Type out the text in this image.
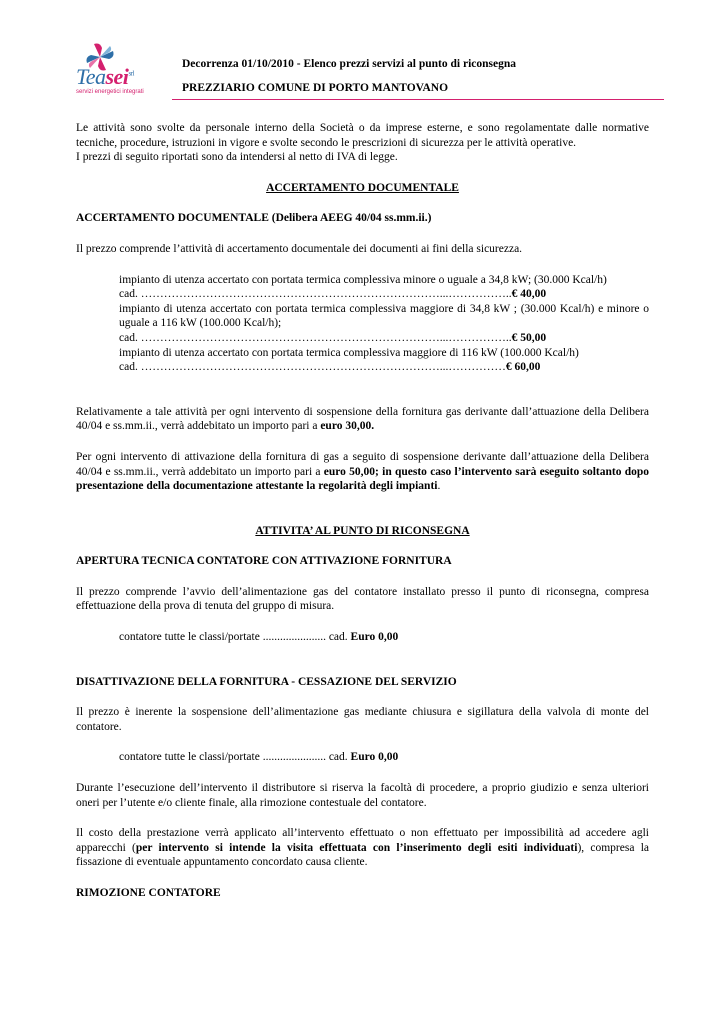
Teasei$^{srl}$
servizi energetici integrati
Decorrenza 01/10/2010 - Elenco prezzi servizi al punto di riconsegna
PREZZIARIO COMUNE DI PORTO MANTOVANO

Le attività sono svolte da personale interno della Società o da imprese esterne, e sono regolamentate dalle normative tecniche, procedure, istruzioni in vigore e svolte secondo le prescrizioni di sicurezza per le attività operative.

I prezzi di seguito riportati sono da intendersi al netto di IVA di legge.

ACCERTAMENTO DOCUMENTALE

ACCERTAMENTO DOCUMENTALE (Delibera AEEG 40/04 ss.mm.ii.)

Il prezzo comprende l’attività di accertamento documentale dei documenti ai fini della sicurezza.

impianto di utenza accertato con portata termica complessiva minore o uguale a 34,8 kW; (30.000 Kcal/h)

cad. ……………………………………………………………………...……………..€ 40,00

impianto di utenza accertato con portata termica complessiva maggiore di 34,8 kW ; (30.000 Kcal/h) e minore o uguale a 116 kW (100.000 Kcal/h);

cad. ……………………………………………………………………...……………..€ 50,00

impianto di utenza accertato con portata termica complessiva maggiore di 116 kW (100.000 Kcal/h)

cad. ……………………………………………………………………...……………€ 60,00

Relativamente a tale attività per ogni intervento di sospensione della fornitura gas derivante dall’attuazione della Delibera 40/04 e ss.mm.ii., verrà addebitato un importo pari a euro 30,00.

Per ogni intervento di attivazione della fornitura di gas a seguito di sospensione derivante dall’attuazione della Delibera 40/04 e ss.mm.ii., verrà addebitato un importo pari a euro 50,00; in questo caso l’intervento sarà eseguito soltanto dopo presentazione della documentazione attestante la regolarità degli impianti.

ATTIVITA’ AL PUNTO DI RICONSEGNA

APERTURA TECNICA CONTATORE CON ATTIVAZIONE FORNITURA

Il prezzo comprende l’avvio dell’alimentazione gas del contatore installato presso il punto di riconsegna, compresa effettuazione della prova di tenuta del gruppo di misura.

contatore tutte le classi/portate ...................... cad. Euro 0,00

DISATTIVAZIONE DELLA FORNITURA - CESSAZIONE DEL SERVIZIO

Il prezzo è inerente la sospensione dell’alimentazione gas mediante chiusura e sigillatura della valvola di monte del contatore.

contatore tutte le classi/portate ...................... cad. Euro 0,00

Durante l’esecuzione dell’intervento il distributore si riserva la facoltà di procedere, a proprio giudizio e senza ulteriori oneri per l’utente e/o cliente finale, alla rimozione contestuale del contatore.

Il costo della prestazione verrà applicato all’intervento effettuato o non effettuato per impossibilità ad accedere agli apparecchi (per intervento si intende la visita effettuata con l’inserimento degli esiti individuati), compresa la fissazione di eventuale appuntamento concordato causa cliente.

RIMOZIONE CONTATORE
